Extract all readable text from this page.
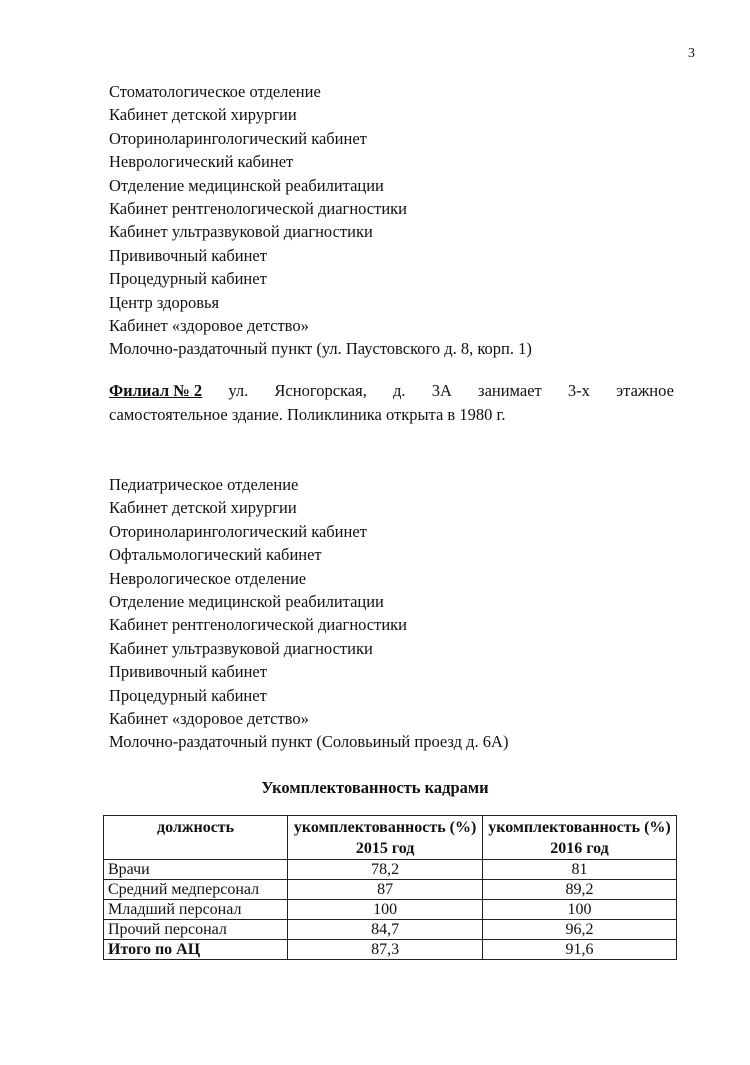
3
Стоматологическое отделение
Кабинет детской хирургии
Оториноларингологический кабинет
Неврологический кабинет
Отделение медицинской реабилитации
Кабинет рентгенологической диагностики
Кабинет ультразвуковой диагностики
Прививочный кабинет
Процедурный кабинет
Центр здоровья
Кабинет «здоровое детство»
Молочно-раздаточный пункт (ул. Паустовского д. 8, корп. 1)

Филиал № 2 ул. Ясногорская, д. 3А занимает 3-х этажное
самостоятельное здание. Поликлиника открыта в 1980 г.

Педиатрическое отделение
Кабинет детской хирургии
Оториноларингологический кабинет
Офтальмологический кабинет
Неврологическое отделение
Отделение медицинской реабилитации
Кабинет рентгенологической диагностики
Кабинет ультразвуковой диагностики
Прививочный кабинет
Процедурный кабинет
Кабинет «здоровое детство»
Молочно-раздаточный пункт (Соловьиный проезд д. 6А)
Укомплектованность кадрами
должность	укомплектованность (%) 2015 год	укомплектованность (%) 2016 год
Врачи	78,2	81
Средний медперсонал	87	89,2
Младший персонал	100	100
Прочий персонал	84,7	96,2
Итого по АЦ	87,3	91,6
